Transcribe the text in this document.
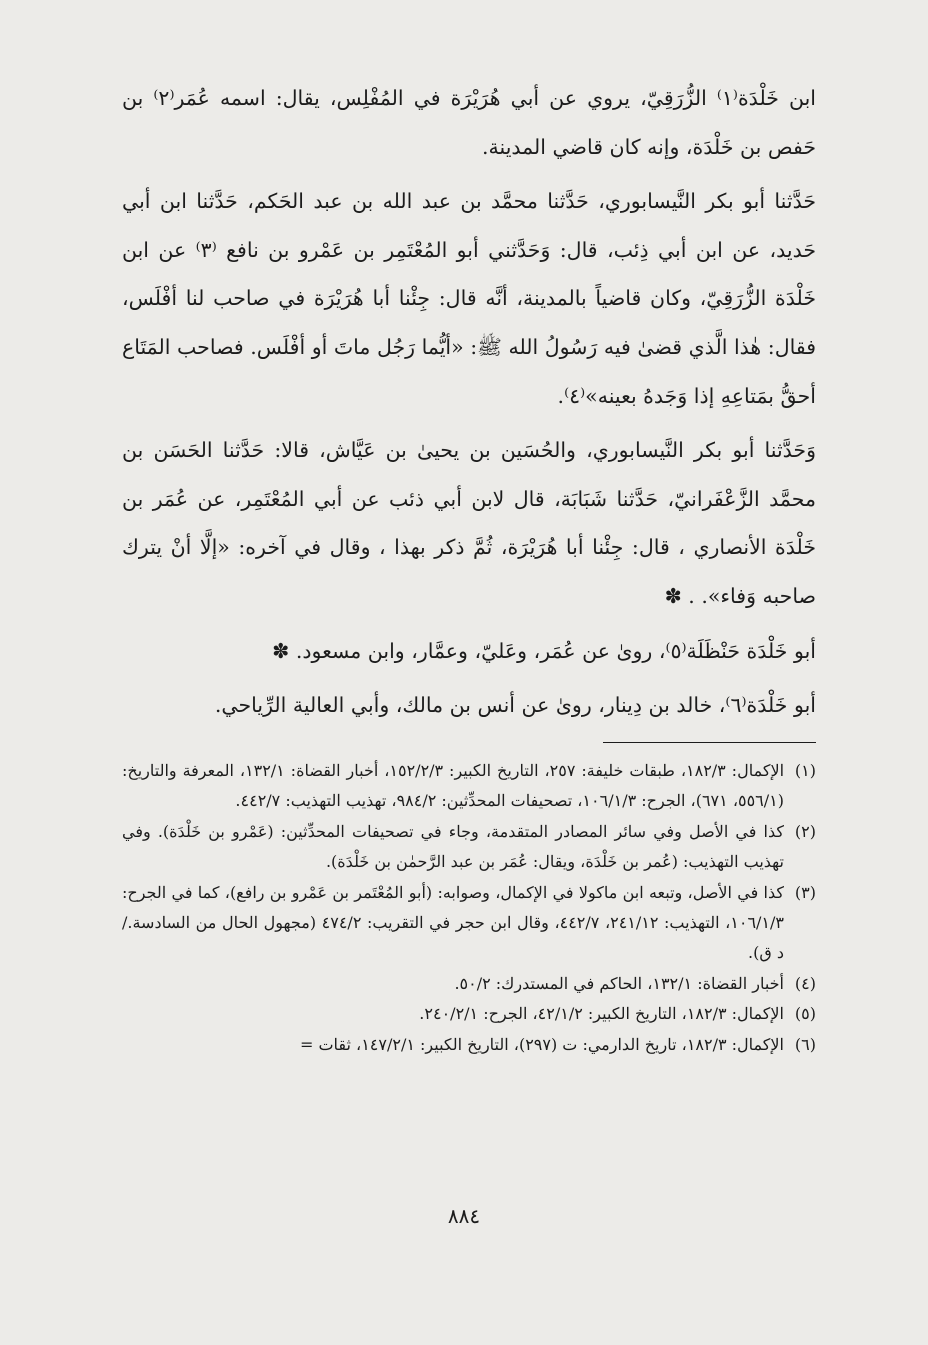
ابن خَلْدَة⁽١⁾ الزُّرَقِيّ، يروي عن أبي هُرَيْرَة في المُفْلِس، يقال: اسمه عُمَر⁽٢⁾ بن حَفص بن خَلْدَة، وإنه كان قاضي المدينة.

حَدَّثنا أبو بكر النَّيسابوري، حَدَّثنا محمَّد بن عبد الله بن عبد الحَكم، حَدَّثنا ابن أبي حَديد، عن ابن أبي ذِئب، قال: وَحَدَّثني أبو المُعْتَمِر بن عَمْرو بن نافع ⁽٣⁾ عن ابن خَلْدَة الزُّرَقِيّ، وكان قاضياً بالمدينة، أنَّه قال: جِئْنا أبا هُرَيْرَة في صاحب لنا أفْلَس، فقال: هٰذا الَّذي قضىٰ فيه رَسُولُ الله ﷺ: «أيُّما رَجُل ماتَ أو أفْلَس. فصاحب المَتَاع أحقُّ بمَتاعِهِ إذا وَجَدهُ بعينه»⁽٤⁾.

وَحَدَّثنا أبو بكر النَّيسابوري، والحُسَين بن يحيىٰ بن عَيَّاش، قالا: حَدَّثنا الحَسَن بن محمَّد الزَّعْفَرانيّ، حَدَّثنا شَبَابَة، قال لابن أبي ذئب عن أبي المُعْتَمِر، عن عُمَر بن خَلْدَة الأنصاري ، قال: جِئْنا أبا هُرَيْرَة، ثُمَّ ذكر بهذا ، وقال في آخره: «إلَّا أنْ يترك صاحبه وَفاء». . ✽

أبو خَلْدَة حَنْظَلَة⁽٥⁾، روىٰ عن عُمَر، وعَليّ، وعمَّار، وابن مسعود. ✽

أبو خَلْدَة⁽٦⁾، خالد بن دِينار، روىٰ عن أنس بن مالك، وأبي العالية الرِّياحي.

(١)
الإكمال: ١٨٢/٣، طبقات خليفة: ٢٥٧، التاريخ الكبير: ١٥٢/٢/٣، أخبار القضاة: ١٣٢/١، المعرفة والتاريخ: (٥٥٦/١، ٦٧١)، الجرح: ١٠٦/١/٣، تصحيفات المحدِّثين: ٩٨٤/٢، تهذيب التهذيب: ٤٤٢/٧.
(٢)
كذا في الأصل وفي سائر المصادر المتقدمة، وجاء في تصحيفات المحدِّثين: (عَمْرو بن خَلْدَة). وفي تهذيب التهذيب: (عُمر بن خَلْدَة، ويقال: عُمَر بن عبد الرَّحمٰن بن خَلْدَة).
(٣)
كذا في الأصل، وتبعه ابن ماكولا في الإكمال، وصوابه: (أبو المُعْتَمر بن عَمْرو بن رافع)، كما في الجرح: ١٠٦/١/٣، التهذيب: ٢٤١/١٢، ٤٤٢/٧، وقال ابن حجر في التقريب: ٤٧٤/٢ (مجهول الحال من السادسة./ د ق).
(٤)
أخبار القضاة: ١٣٢/١، الحاكم في المستدرك: ٥٠/٢.
(٥)
الإكمال: ١٨٢/٣، التاريخ الكبير: ٤٢/١/٢، الجرح: ٢٤٠/٢/١.
(٦)
الإكمال: ١٨٢/٣، تاريخ الدارمي: ت (٢٩٧)، التاريخ الكبير: ١٤٧/٢/١، ثقات =
٨٨٤
